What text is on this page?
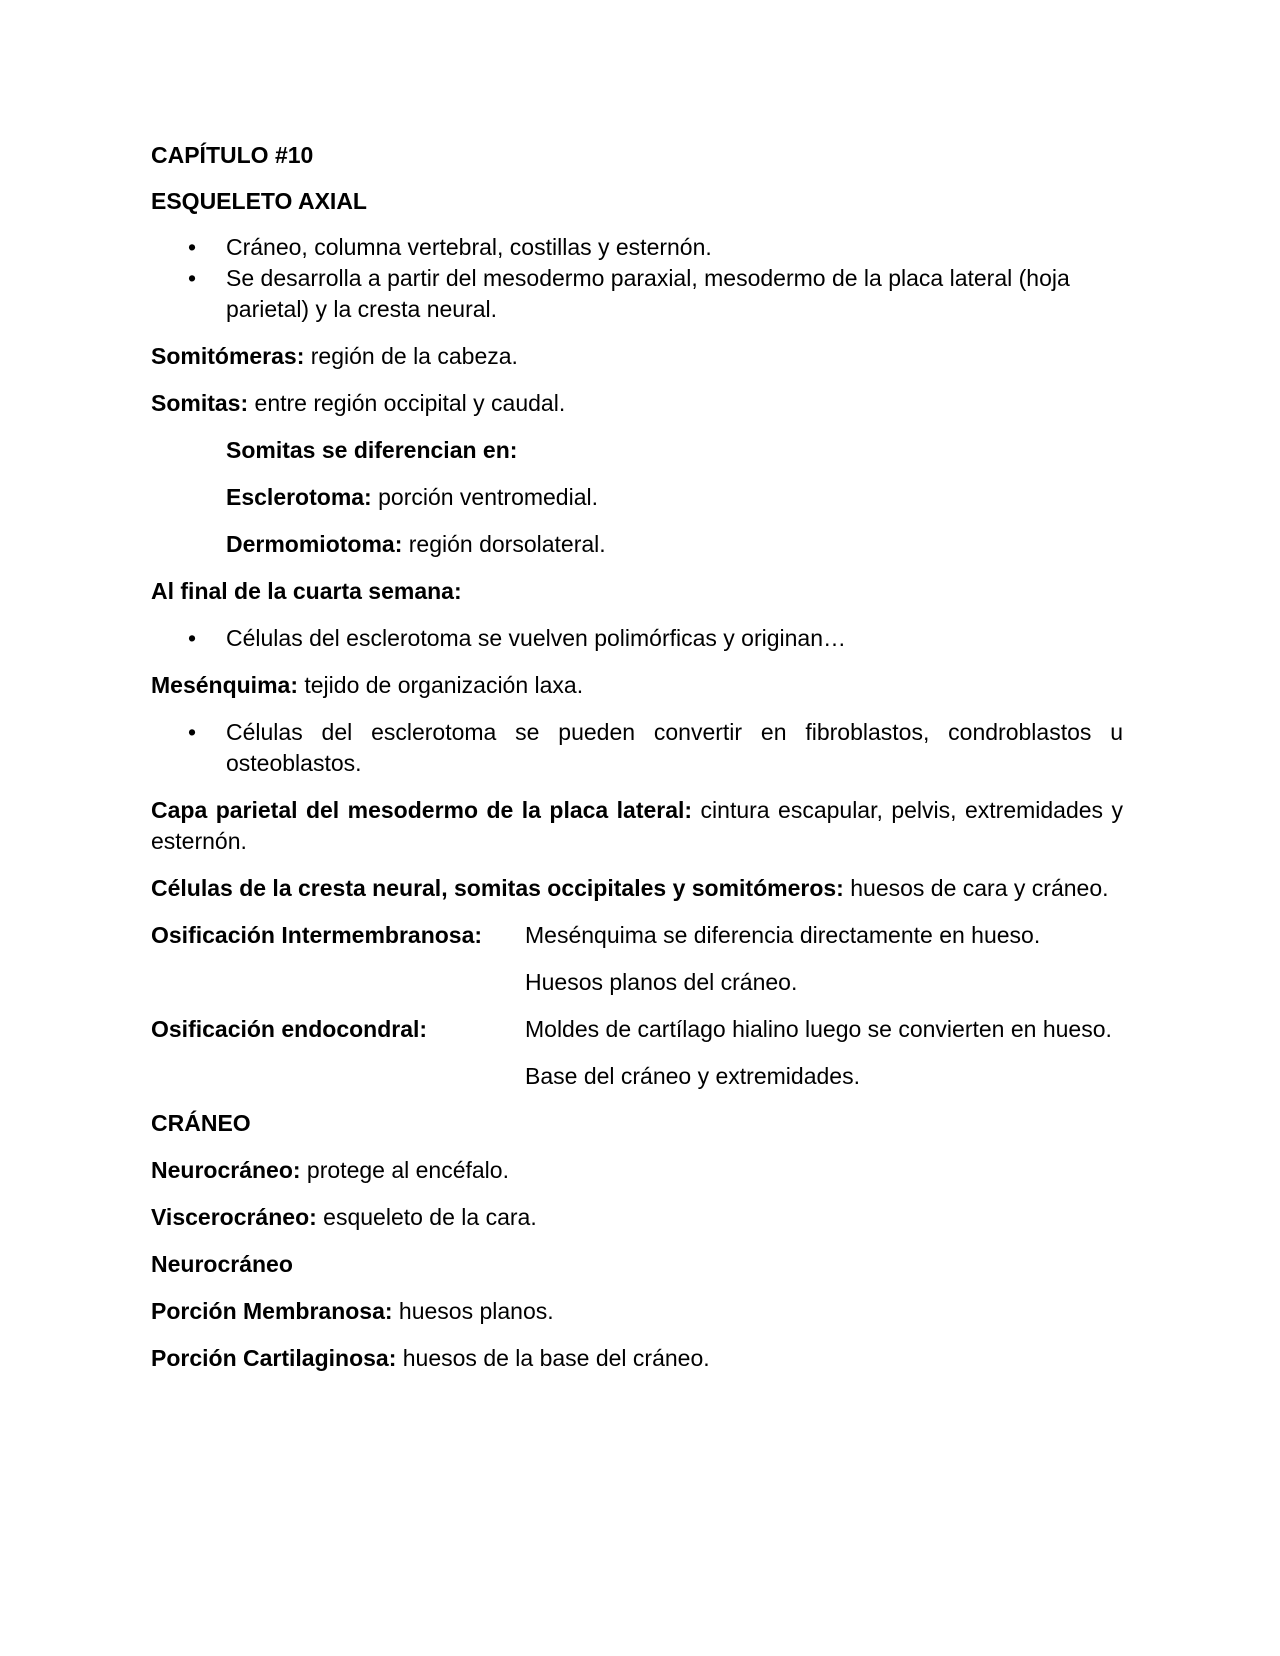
CAPÍTULO #10

ESQUELETO AXIAL

• Cráneo, columna vertebral, costillas y esternón.
• Se desarrolla a partir del mesodermo paraxial, mesodermo de la placa lateral (hoja parietal) y la cresta neural.

Somitómeras: región de la cabeza.

Somitas: entre región occipital y caudal.

Somitas se diferencian en:

Esclerotoma: porción ventromedial.

Dermomiotoma: región dorsolateral.

Al final de la cuarta semana:

• Células del esclerotoma se vuelven polimórficas y originan…

Mesénquima: tejido de organización laxa.

• Células del esclerotoma se pueden convertir en fibroblastos, condroblastos u osteoblastos.

Capa parietal del mesodermo de la placa lateral: cintura escapular, pelvis, extremidades y esternón.

Células de la cresta neural, somitas occipitales y somitómeros: huesos de cara y cráneo.

Osificación Intermembranosa:	Mesénquima se diferencia directamente en hueso.
Huesos planos del cráneo.
Osificación endocondral:	Moldes de cartílago hialino luego se convierten en hueso.
Base del cráneo y extremidades.

CRÁNEO

Neurocráneo: protege al encéfalo.

Viscerocráneo: esqueleto de la cara.

Neurocráneo

Porción Membranosa: huesos planos.

Porción Cartilaginosa: huesos de la base del cráneo.
